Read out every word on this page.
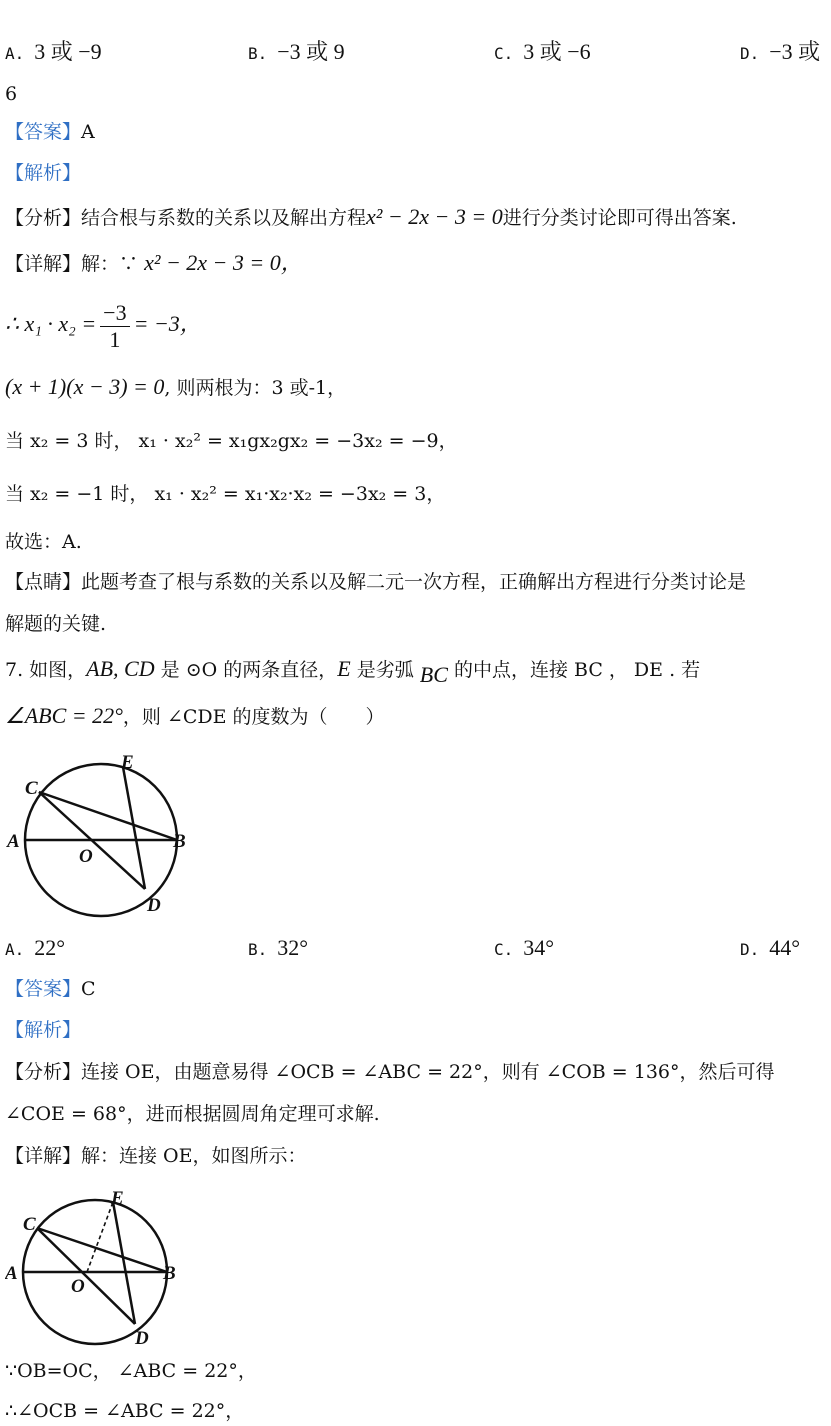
A. 3 或 −9	B. −3 或 9	C. 3 或 −6	D. −3 或
6
【答案】A
【解析】
【分析】结合根与系数的关系以及解出方程x² − 2x − 3 = 0进行分类讨论即可得出答案.
【详解】解：∵ x² − 2x − 3 = 0，
∴ $x_1 \cdot x_2 = \frac{-3}{1} = -3$，
(x + 1)(x − 3) = 0, 则两根为：3 或-1，
当 x₂ = 3 时， x₁ · x₂² = x₁gx₂gx₂ = −3x₂ = −9，
当 x₂ = −1 时， x₁ · x₂² = x₁·x₂·x₂ = −3x₂ = 3，
故选：A.
【点睛】此题考查了根与系数的关系以及解二元一次方程，正确解出方程进行分类讨论是
解题的关键.
7. 如图，AB, CD 是 ⊙O 的两条直径，E 是劣弧 BC 的中点，连接 BC ， DE . 若
∠ABC = 22°，则 ∠CDE 的度数为（　　）
A	B
C
D
E
O
A. 22°	B. 32°	C. 34°	D. 44°
【答案】C
【解析】
【分析】连接 OE，由题意易得 ∠OCB = ∠ABC = 22°，则有 ∠COB = 136°，然后可得
∠COE = 68°，进而根据圆周角定理可求解.
【详解】解：连接 OE，如图所示：
A	B
C
D
E
O
∵OB=OC， ∠ABC = 22°，
∴∠OCB = ∠ABC = 22°，
